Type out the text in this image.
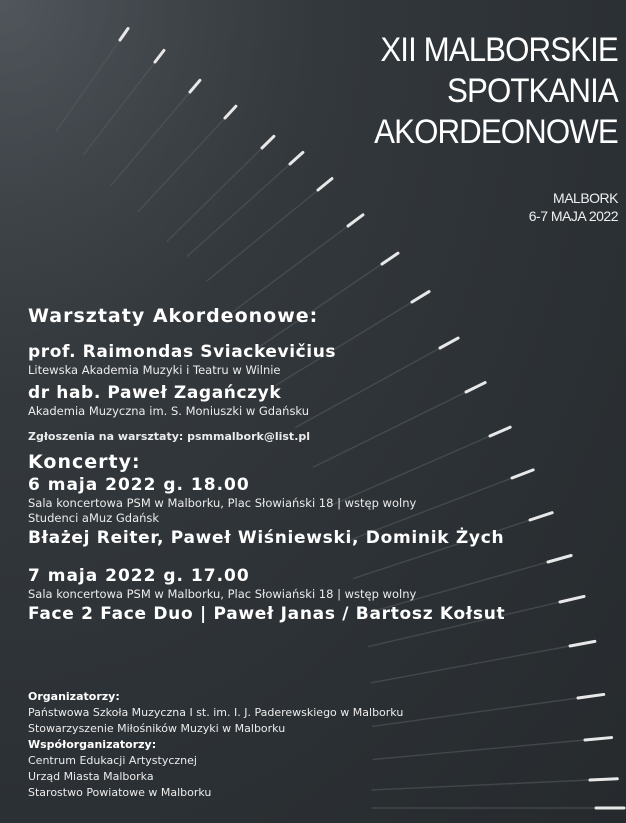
XII MALBORSKIE
SPOTKANIA
AKORDEONOWE
MALBORK
6-7 MAJA 2022
Warsztaty Akordeonowe:
prof. Raimondas Sviackevičius
Litewska Akademia Muzyki i Teatru w Wilnie
dr hab. Paweł Zagańczyk
Akademia Muzyczna im. S. Moniuszki w Gdańsku
Zgłoszenia na warsztaty: psmmalbork@list.pl
Koncerty:
6 maja 2022 g. 18.00
Sala koncertowa PSM w Malborku, Plac Słowiański 18 | wstęp wolny
Studenci aMuz Gdańsk
Błażej Reiter, Paweł Wiśniewski, Dominik Żych
7 maja 2022 g. 17.00
Sala koncertowa PSM w Malborku, Plac Słowiański 18 | wstęp wolny
Face 2 Face Duo | Paweł Janas / Bartosz Kołsut
Organizatorzy:
Państwowa Szkoła Muzyczna I st. im. I. J. Paderewskiego w Malborku
Stowarzyszenie Miłośników Muzyki w Malborku
Współorganizatorzy:
Centrum Edukacji Artystycznej
Urząd Miasta Malborka
Starostwo Powiatowe w Malborku
